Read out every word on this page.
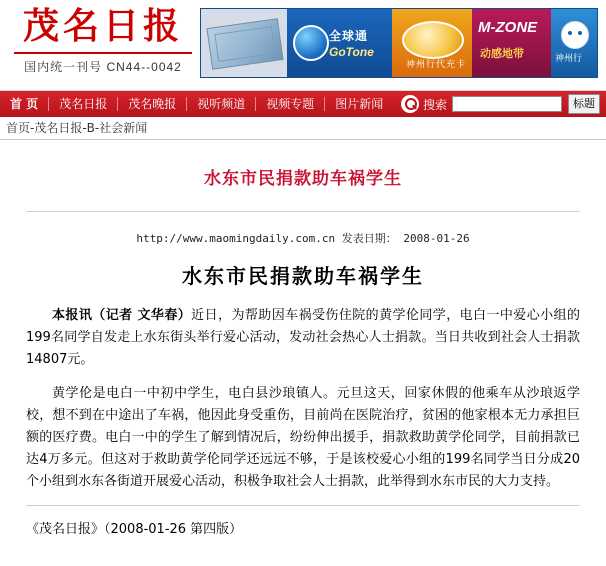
茂名日报
国内统一刊号 CN44--0042
全球通
GoTone
神州行代充卡
M-ZONE
动感地带	神州行
首 页	茂名日报	茂名晚报	视听频道	视频专题	图片新闻	搜索	标题
首页-茂名日报-B-社会新闻
水东市民捐款助车祸学生
http://www.maomingdaily.com.cn 发表日期： 2008-01-26
水东市民捐款助车祸学生

本报讯（记者 文华春）近日，为帮助因车祸受伤住院的黄学伦同学，电白一中爱心小组的199名同学自发走上水东街头举行爱心活动，发动社会热心人士捐款。当日共收到社会人士捐款14807元。

黄学伦是电白一中初中学生，电白县沙琅镇人。元旦这天，回家休假的他乘车从沙琅返学校，想不到在中途出了车祸，他因此身受重伤，目前尚在医院治疗，贫困的他家根本无力承担巨额的医疗费。电白一中的学生了解到情况后，纷纷伸出援手，捐款救助黄学伦同学，目前捐款已达4万多元。但这对于救助黄学伦同学还远远不够，于是该校爱心小组的199名同学当日分成20个小组到水东各街道开展爱心活动，积极争取社会人士捐款，此举得到水东市民的大力支持。

《茂名日报》（2008-01-26 第四版）
